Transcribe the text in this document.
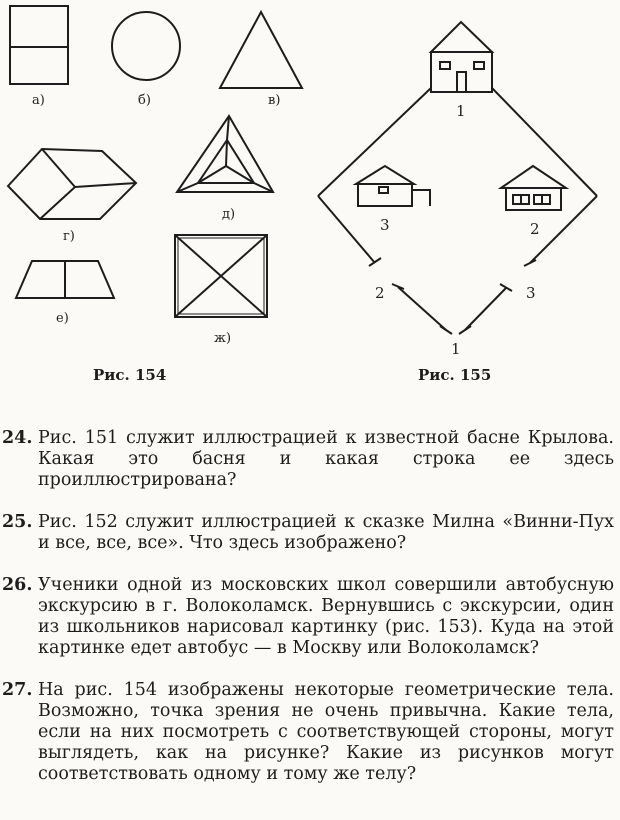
а)	б)	в)
г)
д)
е)
ж)
1
2
3
2	3
1
Рис. 154	Рис. 155
24. Рис. 151 служит иллюстрацией к известной басне Крылова. Какая это басня и какая строка ее здесь проиллюстрирована?
25. Рис. 152 служит иллюстрацией к сказке Милна «Винни-Пух и все, все, все». Что здесь изображено?
26. Ученики одной из московских школ совершили автобусную экскурсию в г. Волоколамск. Вернувшись с экскурсии, один из школьников нарисовал картинку (рис. 153). Куда на этой картинке едет автобус — в Москву или Волоколамск?
27. На рис. 154 изображены некоторые геометрические тела. Возможно, точка зрения не очень привычна. Какие тела, если на них посмотреть с соответствующей стороны, могут выглядеть, как на рисунке? Какие из рисунков могут соответствовать одному и тому же телу?
